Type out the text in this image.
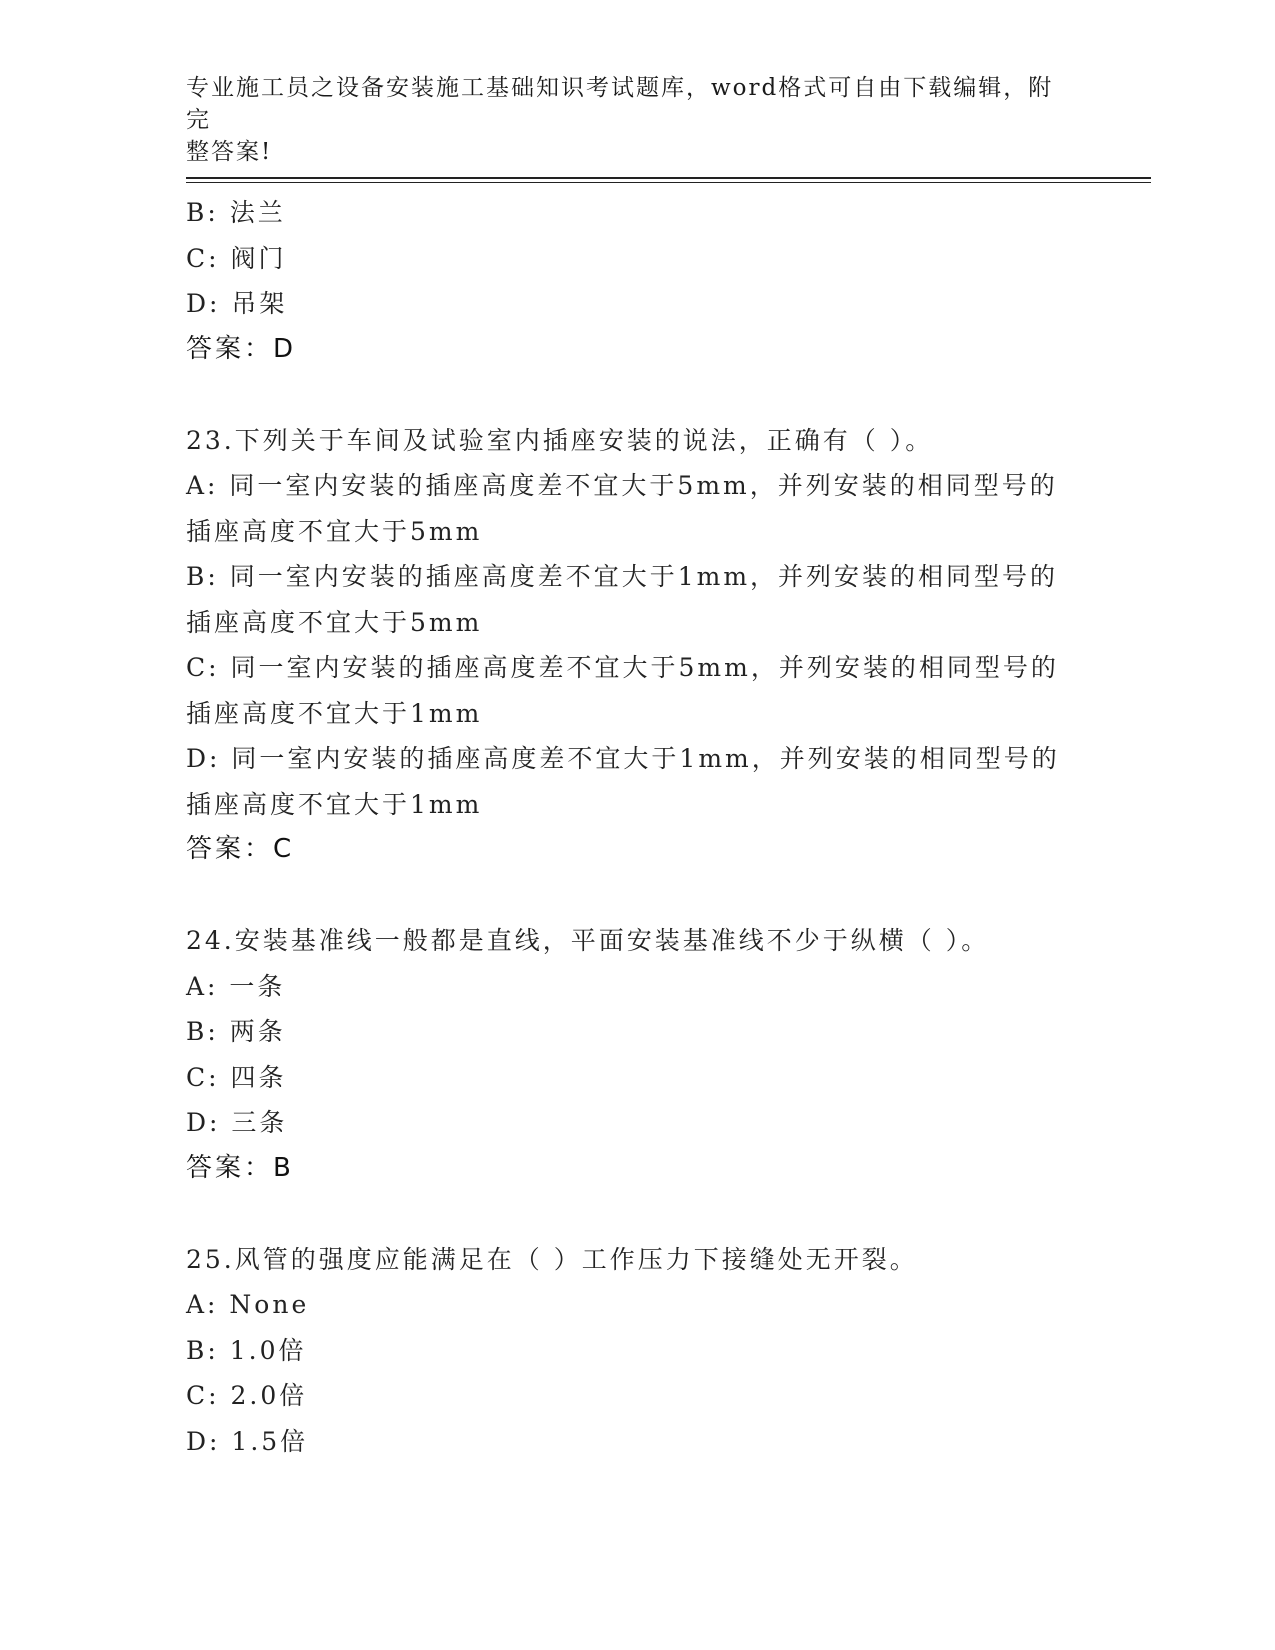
专业施工员之设备安装施工基础知识考试题库，word格式可自由下载编辑，附完
整答案!
B: 法兰
C: 阀门
D: 吊架
答案：D
23.下列关于车间及试验室内插座安装的说法，正确有（ ）。
A: 同一室内安装的插座高度差不宜大于5mm，并列安装的相同型号的
插座高度不宜大于5mm
B: 同一室内安装的插座高度差不宜大于1mm，并列安装的相同型号的
插座高度不宜大于5mm
C: 同一室内安装的插座高度差不宜大于5mm，并列安装的相同型号的
插座高度不宜大于1mm
D: 同一室内安装的插座高度差不宜大于1mm，并列安装的相同型号的
插座高度不宜大于1mm
答案：C
24.安装基准线一般都是直线，平面安装基准线不少于纵横（ ）。
A: 一条
B: 两条
C: 四条
D: 三条
答案：B
25.风管的强度应能满足在（ ）工作压力下接缝处无开裂。
A: None
B: 1.0倍
C: 2.0倍
D: 1.5倍
